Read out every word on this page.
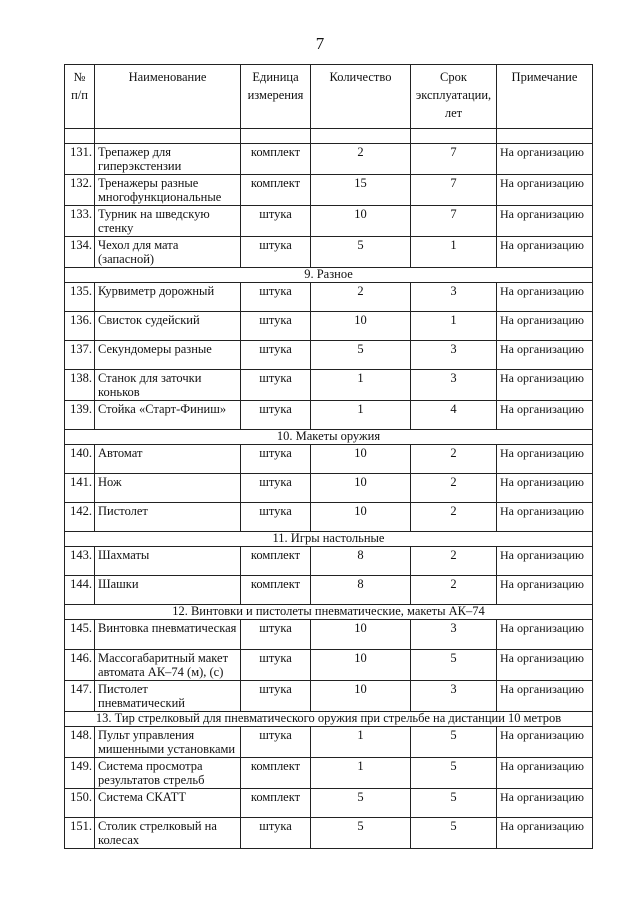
7
№ п/п	Наименование	Единица измерения	Количество	Срок эксплуатации, лет	Примечание

131.	Трепажер для гиперэкстензии	комплект	2	7	На организацию
132.	Тренажеры разные многофункциональные	комплект	15	7	На организацию
133.	Турник на шведскую стенку	штука	10	7	На организацию
134.	Чехол для мата (запасной)	штука	5	1	На организацию
9. Разное					
135.	Курвиметр дорожный	штука	2	3	На организацию
136.	Свисток судейский	штука	10	1	На организацию
137.	Секундомеры разные	штука	5	3	На организацию
138.	Станок для заточки коньков	штука	1	3	На организацию
139.	Стойка «Старт-Финиш»	штука	1	4	На организацию
10. Макеты оружия					
140.	Автомат	штука	10	2	На организацию
141.	Нож	штука	10	2	На организацию
142.	Пистолет	штука	10	2	На организацию
11. Игры настольные					
143.	Шахматы	комплект	8	2	На организацию
144.	Шашки	комплект	8	2	На организацию
12. Винтовки и пистолеты пневматические, макеты АК–74					
145.	Винтовка пневматическая	штука	10	3	На организацию
146.	Массогабаритный макет автомата АК–74 (м), (с)	штука	10	5	На организацию
147.	Пистолет пневматический	штука	10	3	На организацию
13. Тир стрелковый для пневматического оружия при стрельбе на дистанции 10 метров					
148.	Пульт управления мишенными установками	штука	1	5	На организацию
149.	Система просмотра результатов стрельб	комплект	1	5	На организацию
150.	Система СКАТТ	комплект	5	5	На организацию
151.	Столик стрелковый на колесах	штука	5	5	На организацию
